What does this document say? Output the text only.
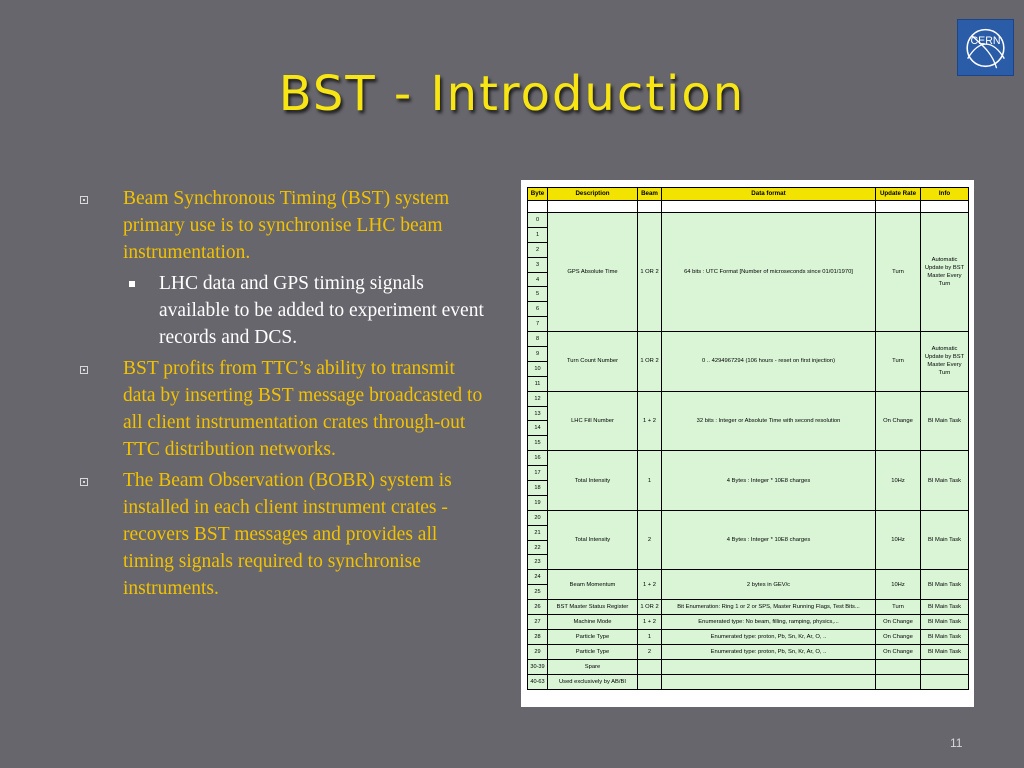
CERN
BST - Introduction
Beam Synchronous Timing (BST) system primary use is to synchronise LHC beam instrumentation.
LHC data and GPS timing signals available to be added to experiment event records and DCS.
BST profits from TTC’s ability to transmit data by inserting BST message broadcasted to all client instrumentation crates through-out TTC distribution networks.
The Beam Observation (BOBR) system is installed in each client instrument crates - recovers BST messages and provides all timing signals required to synchronise instruments.
Byte	Description	Beam	Data format	Update Rate	Info

0	GPS Absolute Time	1 OR 2	64 bits : UTC Format [Number of microseconds since 01/01/1970]	Turn	Automatic Update by BST Master Every Turn
1					
2					
3					
4					
5					
6					
7					
8	Turn Count Number	1 OR 2	0 .. 4294967294 (106 hours - reset on first injection)	Turn	Automatic Update by BST Master Every Turn
9					
10					
11					
12	LHC Fill Number	1 + 2	32 bits : Integer or Absolute Time with second resolution	On Change	BI Main Task
13					
14					
15					
16	Total Intensity	1	4 Bytes : Integer * 10E8 charges	10Hz	BI Main Task
17					
18					
19					
20	Total Intensity	2	4 Bytes : Integer * 10E8 charges	10Hz	BI Main Task
21					
22					
23					
24	Beam Momentum	1 + 2	2 bytes in GEV/c	10Hz	BI Main Task
25					
26	BST Master Status Register	1 OR 2	Bit Enumeration: Ring 1 or 2 or SPS, Master Running Flags, Test Bits...	Turn	BI Main Task
27	Machine Mode	1 + 2	Enumerated type: No beam, filling, ramping, physics,...	On Change	BI Main Task
28	Particle Type	1	Enumerated type: proton, Pb, Sn, Kr, Ar, O, ..	On Change	BI Main Task
29	Particle Type	2	Enumerated type: proton, Pb, Sn, Kr, Ar, O, ..	On Change	BI Main Task
30-39	Spare				
40-63	Used exclusively by AB/BI				
11
